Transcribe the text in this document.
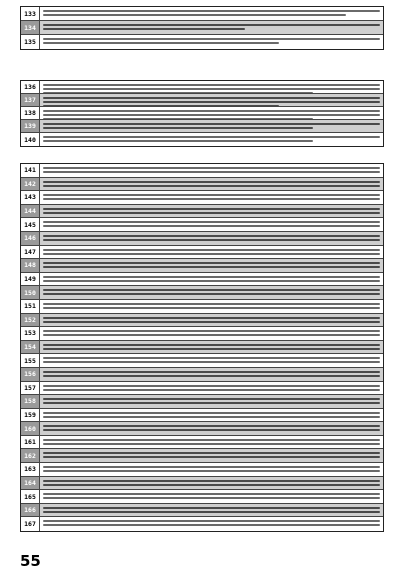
133
134
135
136
137
138
139
140
141
142
143
144
145
146
147
148
149
150
151
152
153
154
155
156
157
158
159
160
161
162
163
164
165
166
167
55
